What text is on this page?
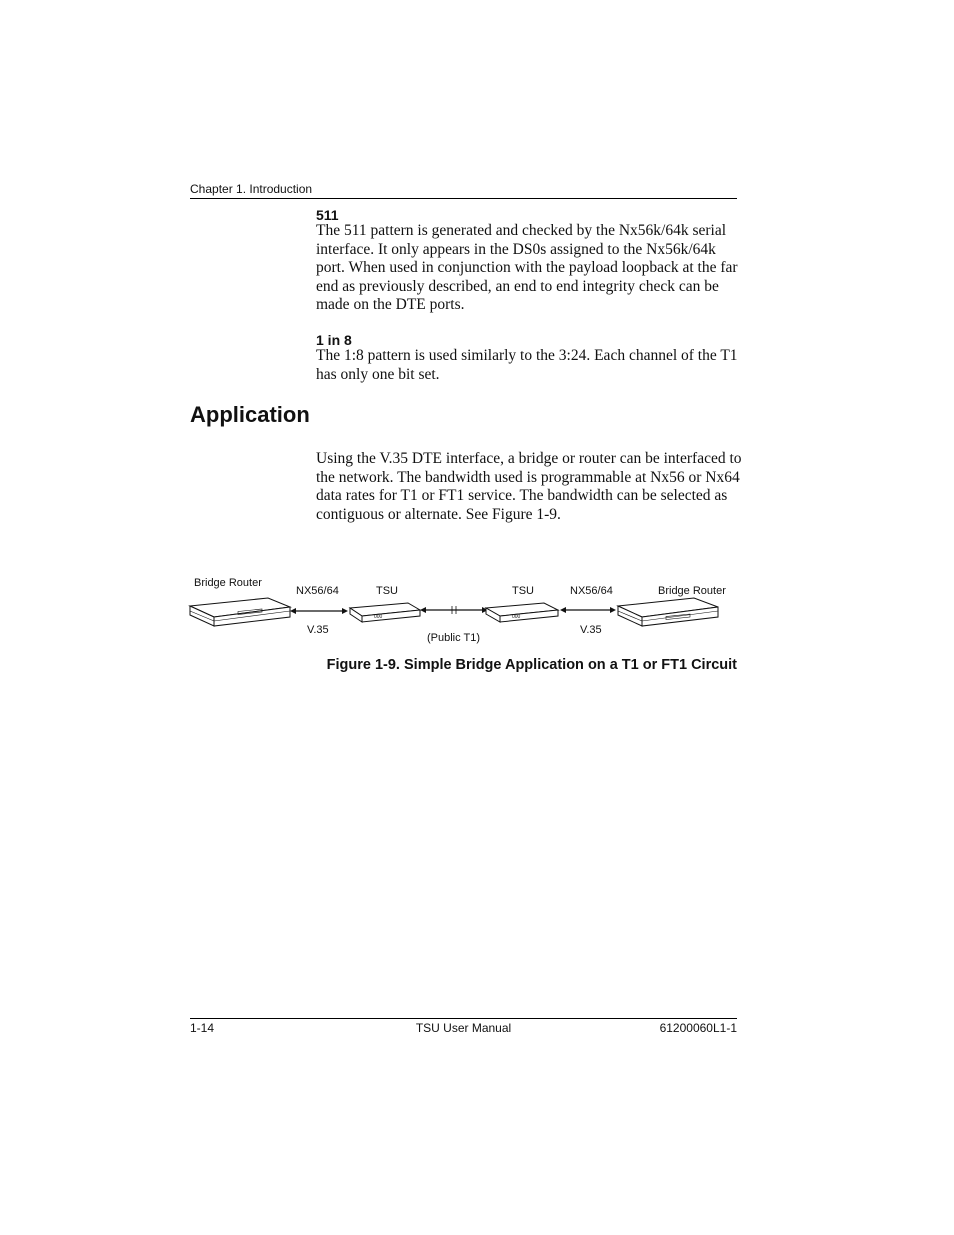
Chapter 1. Introduction
511
The 511 pattern is generated and checked by the Nx56k/64k serial interface. It only appears in the DS0s assigned to the Nx56k/64k port. When used in conjunction with the payload loopback at the far end as previously described, an end to end integrity check can be made on the DTE ports.
1 in 8
The 1:8 pattern is used similarly to the 3:24. Each channel of the T1 has only one bit set.
Application
Using the V.35 DTE interface, a bridge or router can be interfaced to the network. The bandwidth used is programmable at Nx56 or Nx64 data rates for T1 or FT1 service. The bandwidth can be selected as contiguous or alternate. See Figure 1-9.
000	000
Bridge Router
NX56/64	TSU	TSU	NX56/64	Bridge Router
V.35
(Public T1)
V.35
Figure 1-9. Simple Bridge Application on a T1 or FT1 Circuit
1-14	TSU User Manual	61200060L1-1
